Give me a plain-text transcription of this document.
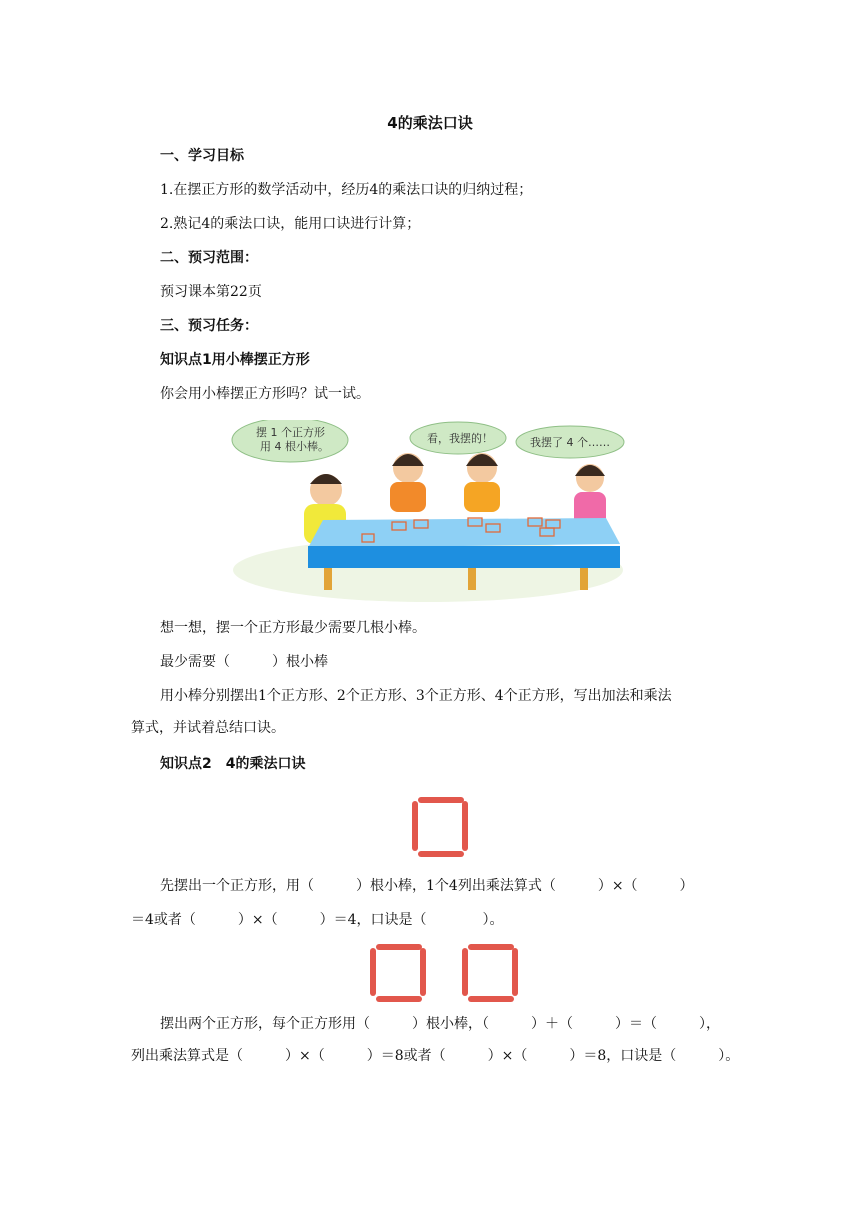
4的乘法口诀
一、学习目标
1.在摆正方形的数学活动中，经历4的乘法口诀的归纳过程；
2.熟记4的乘法口诀，能用口诀进行计算；
二、预习范围：
预习课本第22页
三、预习任务：
知识点1用小棒摆正方形
你会用小棒摆正方形吗？试一试。
摆 1 个正方形
用 4 根小棒。
看，我摆的！	我摆了 4 个……
想一想，摆一个正方形最少需要几根小棒。
最少需要（　　　）根小棒
用小棒分别摆出1个正方形、2个正方形、3个正方形、4个正方形，写出加法和乘法
算式，并试着总结口诀。
知识点2　4的乘法口诀
先摆出一个正方形，用（　　　）根小棒，1个4列出乘法算式（　　　）×（　　　）
＝4或者（　　　）×（　　　）＝4，口诀是（　　　　）。
摆出两个正方形，每个正方形用（　　　）根小棒，（　　　）＋（　　　）＝（　　　），
列出乘法算式是（　　　）×（　　　）＝8或者（　　　）×（　　　）＝8，口诀是（　　　）。
